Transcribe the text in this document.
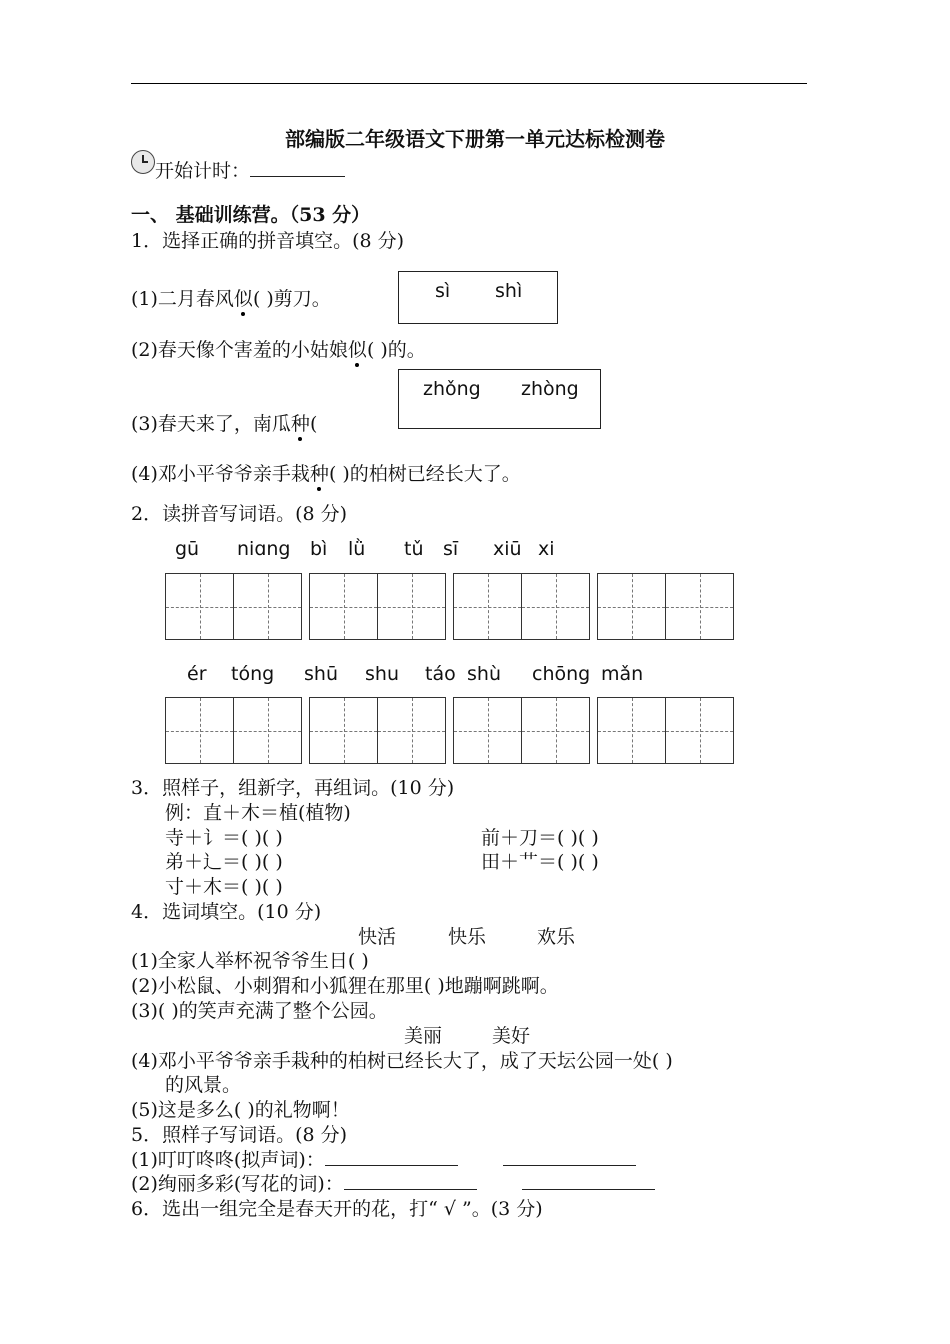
部编版二年级语文下册第一单元达标检测卷
开始计时：
一、 基础训练营。（53 分）
1．选择正确的拼音填空。(8 分)
sì shì
(1)二月春风似( )剪刀。
(2)春天像个害羞的小姑娘似( )的。
zhǒng zhòng
(3)春天来了，南瓜种(
(4)邓小平爷爷亲手栽种( )的柏树已经长大了。
2．读拼音写词语。(8 分)
gū niɑng bì lǜ tǔ sī xiū xi
ér tóng shū shu táo shù chōng mǎn
3．照样子，组新字，再组词。(10 分)
例：直＋木＝植(植物)
寺＋讠＝( )( )	前＋刀＝( )( )
弟＋辶＝( )( )	田＋艹＝( )( )
寸＋木＝( )( )
4．选词填空。(10 分)
快活	快乐	欢乐
(1)全家人举杯祝爷爷生日( )
(2)小松鼠、小刺猬和小狐狸在那里( )地蹦啊跳啊。
(3)( )的笑声充满了整个公园。
美丽	美好
(4)邓小平爷爷亲手栽种的柏树已经长大了，成了天坛公园一处( )
的风景。
(5)这是多么( )的礼物啊！
5．照样子写词语。(8 分)
(1)叮叮咚咚(拟声词)：
(2)绚丽多彩(写花的词)：
6．选出一组完全是春天开的花，打“ √ ”。(3 分)
